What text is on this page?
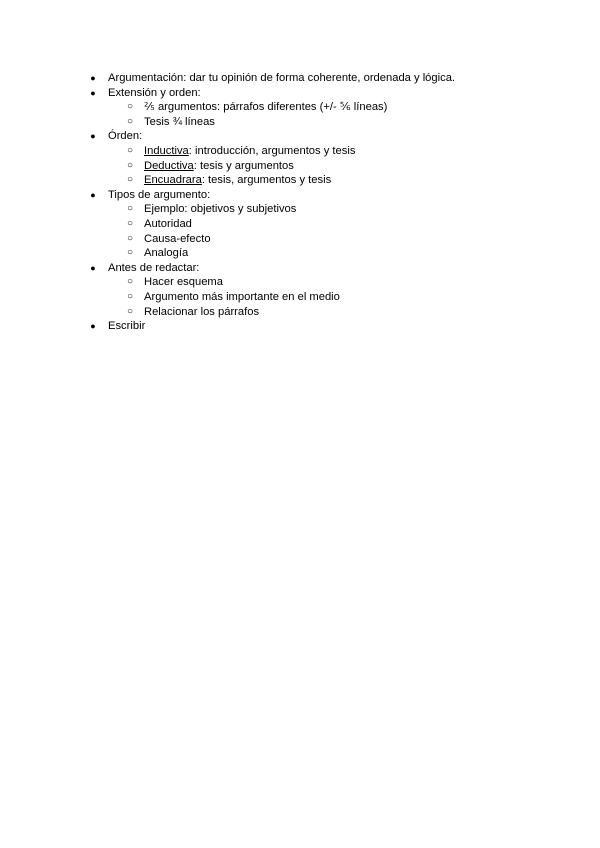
● Argumentación: dar tu opinión de forma coherente, ordenada y lógica.
● Extensión y orden:
○ ⅖ argumentos: párrafos diferentes (+/- ⅚ líneas)
○ Tesis ¾ líneas
● Órden:
○ Inductiva: introducción, argumentos y tesis
○ Deductiva: tesis y argumentos
○ Encuadrara: tesis, argumentos y tesis
● Tipos de argumento:
○ Ejemplo: objetivos y subjetivos
○ Autoridad
○ Causa-efecto
○ Analogía
● Antes de redactar:
○ Hacer esquema
○ Argumento más importante en el medio
○ Relacionar los párrafos
● Escribir
